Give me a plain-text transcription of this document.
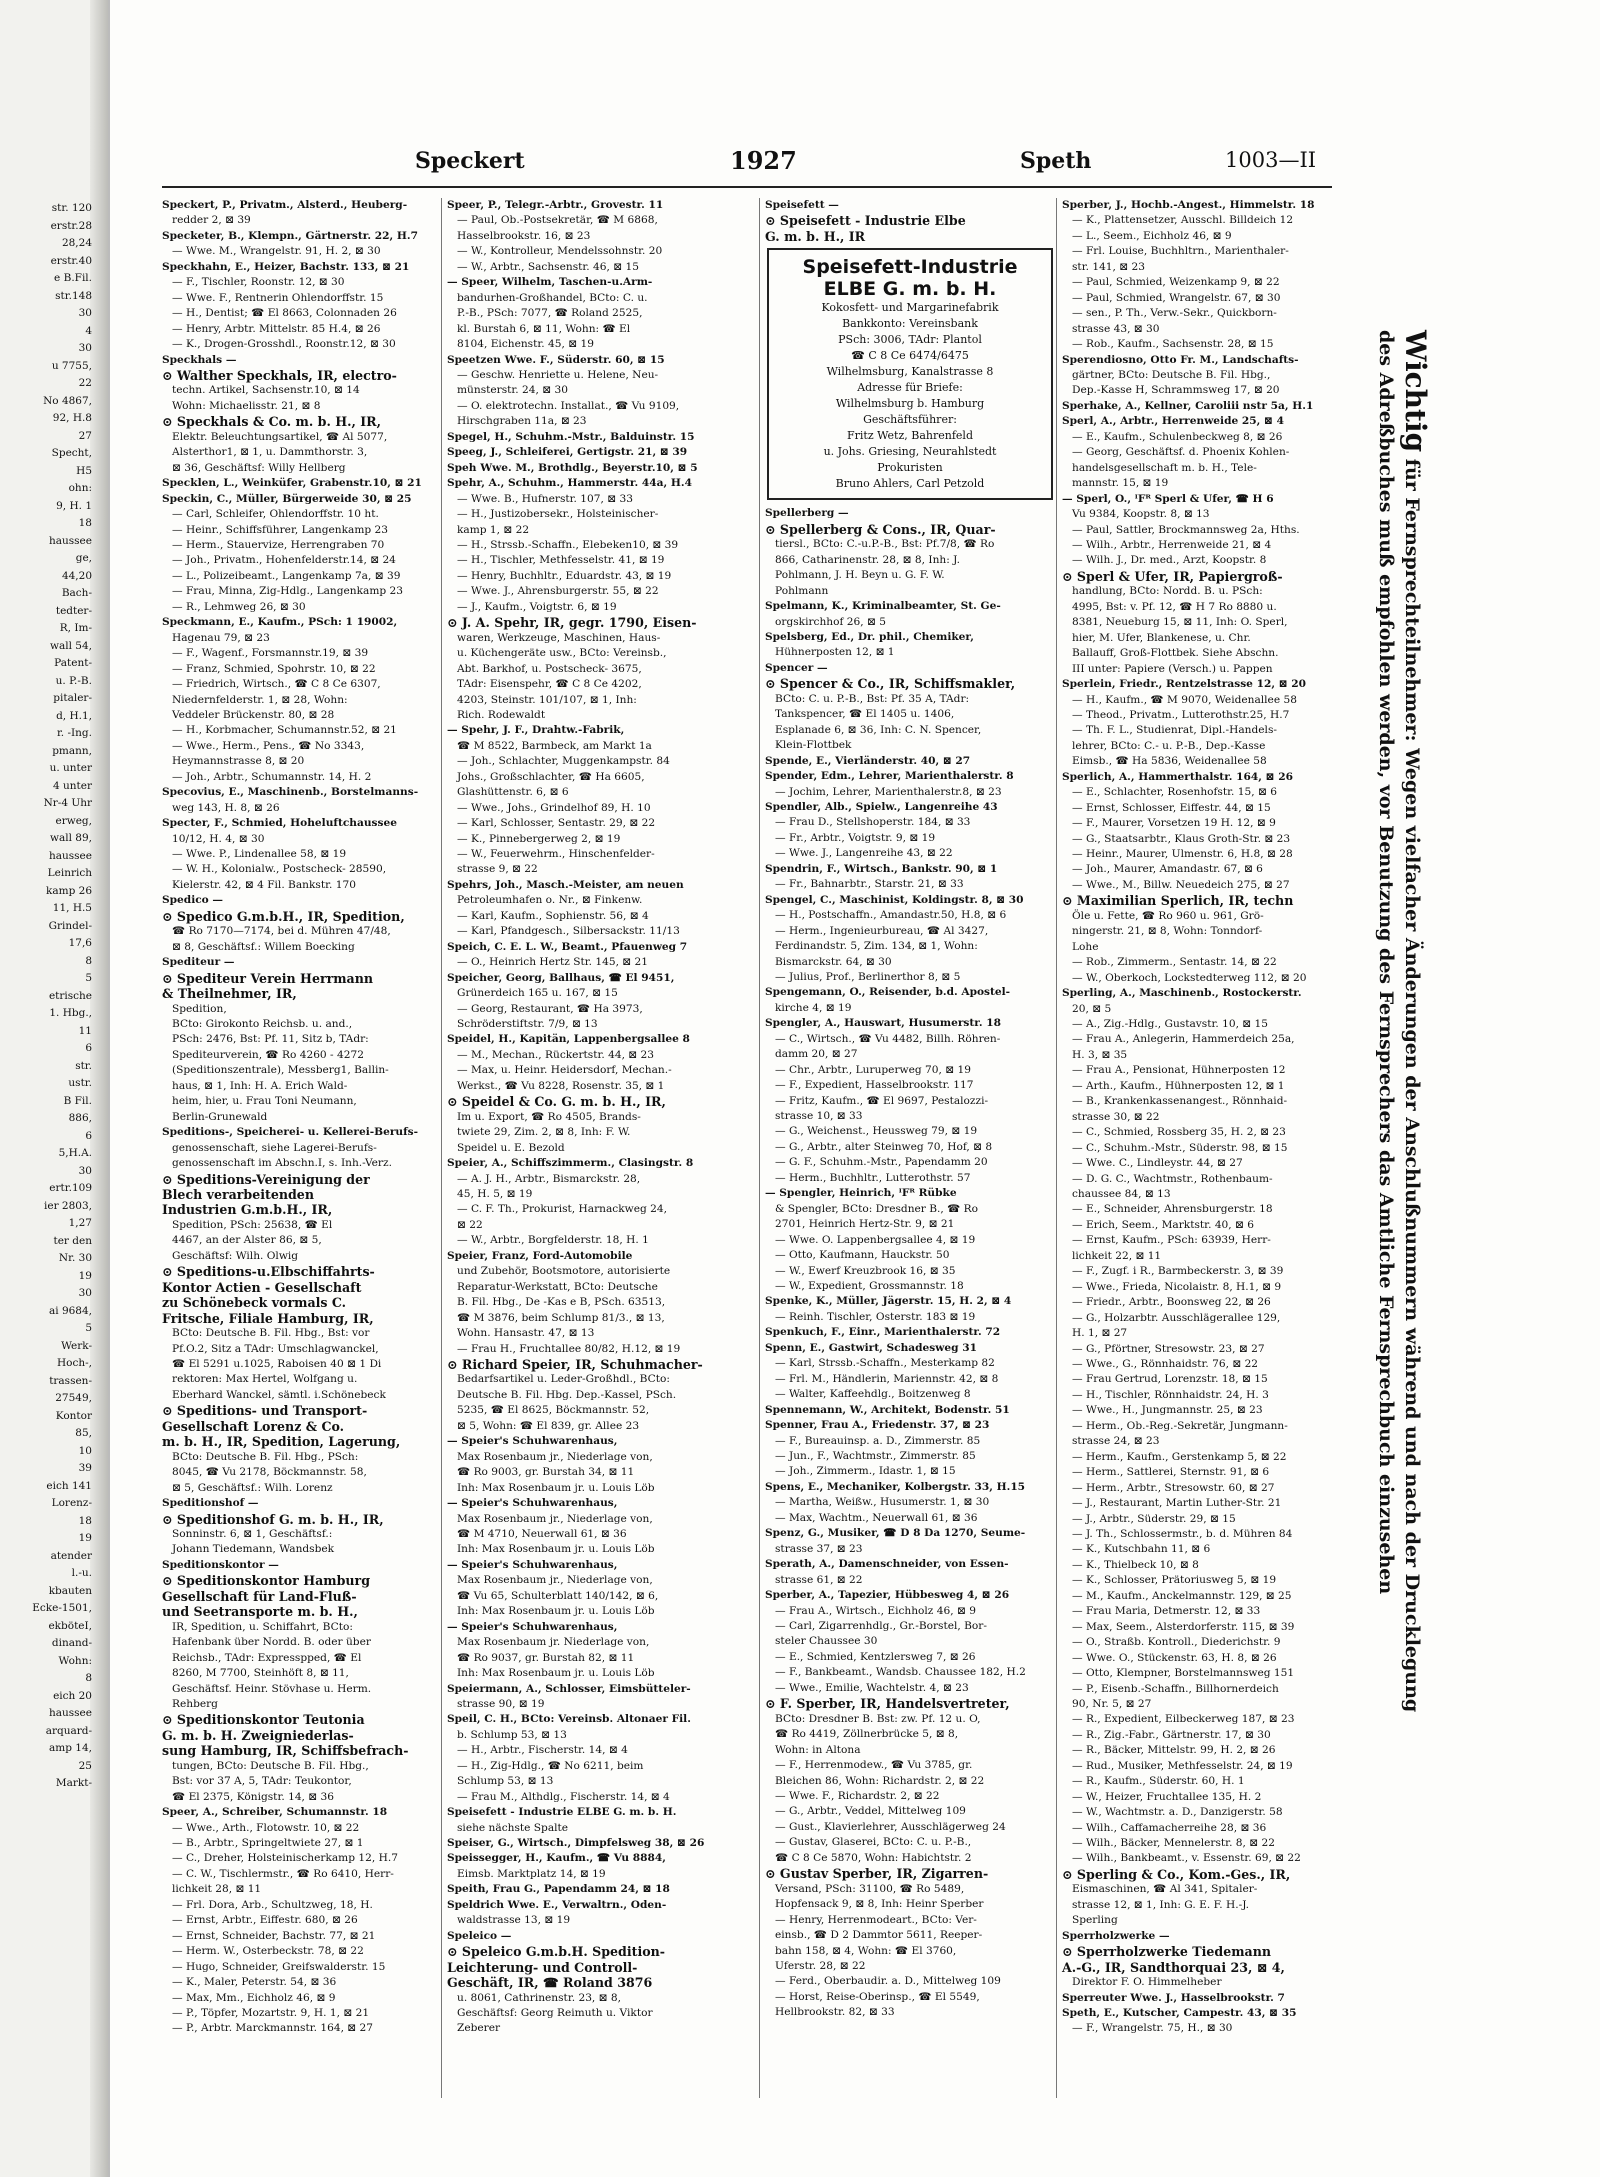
str. 120
erstr.28
28,24
erstr.40
e B.Fil.
str.148
30
4
30
u 7755,
22
No 4867,
92, H.8
27
Specht,
H5
ohn:
9, H. 1
18
haussee
ge,
44,20
Bach-
tedter-
R, Im-
wall 54,
Patent-
u. P.-B.
pitaler-
d, H.1,
r. -Ing.
pmann,
u. unter
4 unter
Nr-4 Uhr
erweg,
wall 89,
haussee
Leinrich
kamp 26
11, H.5
Grindel-
17,6
8
5
etrische
1. Hbg.,
11
6
str.
ustr.
B Fil.
886,
6
5,H.A.
30
ertr.109
ier 2803,
1,27
ter den
Nr. 30
19
30
ai 9684,
5
Werk-
Hoch-,
trassen-
27549,
Kontor
85,
10
39
eich 141
Lorenz-
18
19
atender
l.-u.
kbauten
Ecke-1501,
ekböteI,
dinand-
Wohn:
8
eich 20
haussee
arquard-
amp 14,
25
Markt-
Speckert	1927	Speth	1003—II
Speckert, P., Privatm., Alsterd., Heuberg-
redder 2, ⊠ 39
Specketer, B., Klempn., Gärtnerstr. 22, H.7
— Wwe. M., Wrangelstr. 91, H. 2, ⊠ 30
Speckhahn, E., Heizer, Bachstr. 133, ⊠ 21
— F., Tischler, Roonstr. 12, ⊠ 30
— Wwe. F., Rentnerin Ohlendorffstr. 15
— H., Dentist; ☎ El 8663, Colonnaden 26
— Henry, Arbtr. Mittelstr. 85 H.4, ⊠ 26
— K., Drogen-Grosshdl., Roonstr.12, ⊠ 30
Speckhals —
⊙ Walther Speckhals, IR, electro-
techn. Artikel, Sachsenstr.10, ⊠ 14
Wohn: Michaelisstr. 21, ⊠ 8
⊙ Speckhals & Co. m. b. H., IR,
Elektr. Beleuchtungsartikel, ☎ Al 5077,
Alsterthor1, ⊠ 1, u. Dammthorstr. 3,
⊠ 36, Geschäftsf: Willy Hellberg
Specklen, L., Weinküfer, Grabenstr.10, ⊠ 21
Speckin, C., Müller, Bürgerweide 30, ⊠ 25
— Carl, Schleifer, Ohlendorffstr. 10 ht.
— Heinr., Schiffsführer, Langenkamp 23
— Herm., Stauervize, Herrengraben 70
— Joh., Privatm., Hohenfelderstr.14, ⊠ 24
— L., Polizeibeamt., Langenkamp 7a, ⊠ 39
— Frau, Minna, Zig-Hdlg., Langenkamp 23
— R., Lehmweg 26, ⊠ 30
Speckmann, E., Kaufm., PSch: 1 19002,
Hagenau 79, ⊠ 23
— F., Wagenf., Forsmannstr.19, ⊠ 39
— Franz, Schmied, Spohrstr. 10, ⊠ 22
— Friedrich, Wirtsch., ☎ C 8 Ce 6307,
Niedernfelderstr. 1, ⊠ 28, Wohn:
Veddeler Brückenstr. 80, ⊠ 28
— H., Korbmacher, Schumannstr.52, ⊠ 21
— Wwe., Herm., Pens., ☎ No 3343,
Heymannstrasse 8, ⊠ 20
— Joh., Arbtr., Schumannstr. 14, H. 2
Specovius, E., Maschinenb., Borstelmanns-
weg 143, H. 8, ⊠ 26
Specter, F., Schmied, Hoheluftchaussee
10/12, H. 4, ⊠ 30
— Wwe. P., Lindenallee 58, ⊠ 19
— W. H., Kolonialw., Postscheck- 28590,
Kielerstr. 42, ⊠ 4 Fil. Bankstr. 170
Spedico —
⊙ Spedico G.m.b.H., IR, Spedition,
☎ Ro 7170—7174, bei d. Mühren 47/48,
⊠ 8, Geschäftsf.: Willem Boecking
Spediteur —
⊙ Spediteur Verein Herrmann
& Theilnehmer, IR,
Spedition,
BCto: Girokonto Reichsb. u. and.,
PSch: 2476, Bst: Pf. 11, Sitz b, TAdr:
Spediteurverein, ☎ Ro 4260 - 4272
(Speditionszentrale), Messberg1, Ballin-
haus, ⊠ 1, Inh: H. A. Erich Wald-
heim, hier, u. Frau Toni Neumann,
Berlin-Grunewald
Speditions-, Speicherei- u. Kellerei-Berufs-
genossenschaft, siehe Lagerei-Berufs-
genossenschaft im Abschn.I, s. Inh.-Verz.
⊙ Speditions-Vereinigung der
Blech verarbeitenden
Industrien G.m.b.H., IR,
Spedition, PSch: 25638, ☎ El
4467, an der Alster 86, ⊠ 5,
Geschäftsf: Wilh. Olwig
⊙ Speditions-u.Elbschiffahrts-
Kontor Actien - Gesellschaft
zu Schönebeck vormals C.
Fritsche, Filiale Hamburg, IR,
BCto: Deutsche B. Fil. Hbg., Bst: vor
Pf.O.2, Sitz a TAdr: Umschlagwanckel,
☎ El 5291 u.1025, Raboisen 40 ⊠ 1 Di
rektoren: Max Hertel, Wolfgang u.
Eberhard Wanckel, sämtl. i.Schönebeck
⊙ Speditions- und Transport-
Gesellschaft Lorenz & Co.
m. b. H., IR, Spedition, Lagerung,
BCto: Deutsche B. Fil. Hbg., PSch:
8045, ☎ Vu 2178, Böckmannstr. 58,
⊠ 5, Geschäftsf.: Wilh. Lorenz
Speditionshof —
⊙ Speditionshof G. m. b. H., IR,
Sonninstr. 6, ⊠ 1, Geschäftsf.:
Johann Tiedemann, Wandsbek
Speditionskontor —
⊙ Speditionskontor Hamburg
Gesellschaft für Land-Fluß-
und Seetransporte m. b. H.,
IR, Spedition, u. Schiffahrt, BCto:
Hafenbank über Nordd. B. oder über
Reichsb., TAdr: Expresspped, ☎ El
8260, M 7700, Steinhöft 8, ⊠ 11,
Geschäftsf. Heinr. Stövhase u. Herm.
Rehberg
⊙ Speditionskontor Teutonia
G. m. b. H. Zweigniederlas-
sung Hamburg, IR, Schiffsbefrach-
tungen, BCto: Deutsche B. Fil. Hbg.,
Bst: vor 37 A, 5, TAdr: Teukontor,
☎ El 2375, Königstr. 14, ⊠ 36
Speer, A., Schreiber, Schumannstr. 18
— Wwe., Arth., Flotowstr. 10, ⊠ 22
— B., Arbtr., Springeltwiete 27, ⊠ 1
— C., Dreher, Holsteinischerkamp 12, H.7
— C. W., Tischlermstr., ☎ Ro 6410, Herr-
lichkeit 28, ⊠ 11
— Frl. Dora, Arb., Schultzweg, 18, H.
— Ernst, Arbtr., Eiffestr. 680, ⊠ 26
— Ernst, Schneider, Bachstr. 77, ⊠ 21
— Herm. W., Osterbeckstr. 78, ⊠ 22
— Hugo, Schneider, Greifswalderstr. 15
— K., Maler, Peterstr. 54, ⊠ 36
— Max, Mm., Eichholz 46, ⊠ 9
— P., Töpfer, Mozartstr. 9, H. 1, ⊠ 21
— P., Arbtr. Marckmannstr. 164, ⊠ 27
Speer, P., Telegr.-Arbtr., Grovestr. 11
— Paul, Ob.-Postsekretär, ☎ M 6868,
Hasselbrookstr. 16, ⊠ 23
— W., Kontrolleur, Mendelssohnstr. 20
— W., Arbtr., Sachsenstr. 46, ⊠ 15
— Speer, Wilhelm, Taschen-u.Arm-
bandurhen-Großhandel, BCto: C. u.
P.-B., PSch: 7077, ☎ Roland 2525,
kl. Burstah 6, ⊠ 11, Wohn: ☎ El
8104, Eichenstr. 45, ⊠ 19
Speetzen Wwe. F., Süderstr. 60, ⊠ 15
— Geschw. Henriette u. Helene, Neu-
münsterstr. 24, ⊠ 30
— O. elektrotechn. Installat., ☎ Vu 9109,
Hirschgraben 11a, ⊠ 23
Spegel, H., Schuhm.-Mstr., Balduinstr. 15
Speeg, J., Schleiferei, Gertigstr. 21, ⊠ 39
Speh Wwe. M., Brothdlg., Beyerstr.10, ⊠ 5
Spehr, A., Schuhm., Hammerstr. 44a, H.4
— Wwe. B., Hufnerstr. 107, ⊠ 33
— H., Justizobersekr., Holsteinischer-
kamp 1, ⊠ 22
— H., Strssb.-Schaffn., Elebeken10, ⊠ 39
— H., Tischler, Methfesselstr. 41, ⊠ 19
— Henry, Buchhltr., Eduardstr. 43, ⊠ 19
— Wwe. J., Ahrensburgerstr. 55, ⊠ 22
— J., Kaufm., Voigtstr. 6, ⊠ 19
⊙ J. A. Spehr, IR, gegr. 1790, Eisen-
waren, Werkzeuge, Maschinen, Haus-
u. Küchengeräte usw., BCto: Vereinsb.,
Abt. Barkhof, u. Postscheck- 3675,
TAdr: Eisenspehr, ☎ C 8 Ce 4202,
4203, Steinstr. 101/107, ⊠ 1, Inh:
Rich. Rodewaldt
— Spehr, J. F., Drahtw.-Fabrik,
☎ M 8522, Barmbeck, am Markt 1a
— Joh., Schlachter, Muggenkampstr. 84
Johs., Großschlachter, ☎ Ha 6605,
Glashüttenstr. 6, ⊠ 6
— Wwe., Johs., Grindelhof 89, H. 10
— Karl, Schlosser, Sentastr. 29, ⊠ 22
— K., Pinnebergerweg 2, ⊠ 19
— W., Feuerwehrm., Hinschenfelder-
strasse 9, ⊠ 22
Spehrs, Joh., Masch.-Meister, am neuen
Petroleumhafen o. Nr., ⊠ Finkenw.
— Karl, Kaufm., Sophienstr. 56, ⊠ 4
— Karl, Pfandgesch., Silbersackstr. 11/13
Speich, C. E. L. W., Beamt., Pfauenweg 7
— O., Heinrich Hertz Str. 145, ⊠ 21
Speicher, Georg, Ballhaus, ☎ El 9451,
Grünerdeich 165 u. 167, ⊠ 15
— Georg, Restaurant, ☎ Ha 3973,
Schröderstiftstr. 7/9, ⊠ 13
Speidel, H., Kapitän, Lappenbergsallee 8
— M., Mechan., Rückertstr. 44, ⊠ 23
— Max, u. Heinr. Heidersdorf, Mechan.-
Werkst., ☎ Vu 8228, Rosenstr. 35, ⊠ 1
⊙ Speidel & Co. G. m. b. H., IR,
Im u. Export, ☎ Ro 4505, Brands-
twiete 29, Zim. 2, ⊠ 8, Inh: F. W.
Speidel u. E. Bezold
Speier, A., Schiffszimmerm., Clasingstr. 8
— A. J. H., Arbtr., Bismarckstr. 28,
45, H. 5, ⊠ 19
— C. F. Th., Prokurist, Harnackweg 24,
⊠ 22
— W., Arbtr., Borgfelderstr. 18, H. 1
Speier, Franz, Ford-Automobile
und Zubehör, Bootsmotore, autorisierte
Reparatur-Werkstatt, BCto: Deutsche
B. Fil. Hbg., De -Kas e B, PSch. 63513,
☎ M 3876, beim Schlump 81/3., ⊠ 13,
Wohn. Hansastr. 47, ⊠ 13
— Frau H., Fruchtallee 80/82, H.12, ⊠ 19
⊙ Richard Speier, IR, Schuhmacher-
Bedarfsartikel u. Leder-Großhdl., BCto:
Deutsche B. Fil. Hbg. Dep.-Kassel, PSch.
5235, ☎ El 8625, Böckmannstr. 52,
⊠ 5, Wohn: ☎ El 839, gr. Allee 23
— Speier's Schuhwarenhaus,
Max Rosenbaum jr., Niederlage von,
☎ Ro 9003, gr. Burstah 34, ⊠ 11
Inh: Max Rosenbaum jr. u. Louis Löb
— Speier's Schuhwarenhaus,
Max Rosenbaum jr., Niederlage von,
☎ M 4710, Neuerwall 61, ⊠ 36
Inh: Max Rosenbaum jr. u. Louis Löb
— Speier's Schuhwarenhaus,
Max Rosenbaum jr., Niederlage von,
☎ Vu 65, Schulterblatt 140/142, ⊠ 6,
Inh: Max Rosenbaum jr. u. Louis Löb
— Speier's Schuhwarenhaus,
Max Rosenbaum jr. Niederlage von,
☎ Ro 9037, gr. Burstah 82, ⊠ 11
Inh: Max Rosenbaum jr. u. Louis Löb
Speiermann, A., Schlosser, Eimsbütteler-
strasse 90, ⊠ 19
Speil, C. H., BCto: Vereinsb. Altonaer Fil.
b. Schlump 53, ⊠ 13
— H., Arbtr., Fischerstr. 14, ⊠ 4
— H., Zig-Hdlg., ☎ No 6211, beim
Schlump 53, ⊠ 13
— Frau M., Althdlg., Fischerstr. 14, ⊠ 4
Speisefett - Industrie ELBE G. m. b. H.
siehe nächste Spalte
Speiser, G., Wirtsch., Dimpfelsweg 38, ⊠ 26
Speissegger, H., Kaufm., ☎ Vu 8884,
Eimsb. Marktplatz 14, ⊠ 19
Speith, Frau G., Papendamm 24, ⊠ 18
Speldrich Wwe. E., Verwaltrn., Oden-
waldstrasse 13, ⊠ 19
Speleico —
⊙ Speleico G.m.b.H. Spedition-
Leichterung- und Controll-
Geschäft, IR, ☎ Roland 3876
u. 8061, Cathrinenstr. 23, ⊠ 8,
Geschäftsf: Georg Reimuth u. Viktor
Zeberer
Speisefett —
⊙ Speisefett - Industrie Elbe
G. m. b. H., IR
Speisefett-Industrie
ELBE G. m. b. H.
Kokosfett- und Margarinefabrik
Bankkonto: Vereinsbank
PSch: 3006, TAdr: Plantol
☎ C 8 Ce 6474/6475
Wilhelmsburg, Kanalstrasse 8
Adresse für Briefe:
Wilhelmsburg b. Hamburg
Geschäftsführer:
Fritz Wetz, Bahrenfeld
u. Johs. Griesing, Neurahlstedt
Prokuristen
Bruno Ahlers, Carl Petzold
Spellerberg —
⊙ Spellerberg & Cons., IR, Quar-
tiersl., BCto: C.-u.P.-B., Bst: Pf.7/8, ☎ Ro
866, Catharinenstr. 28, ⊠ 8, Inh: J.
Pohlmann, J. H. Beyn u. G. F. W.
Pohlmann
Spelmann, K., Kriminalbeamter, St. Ge-
orgskirchhof 26, ⊠ 5
Spelsberg, Ed., Dr. phil., Chemiker,
Hühnerposten 12, ⊠ 1
Spencer —
⊙ Spencer & Co., IR, Schiffsmakler,
BCto: C. u. P.-B., Bst: Pf. 35 A, TAdr:
Tankspencer, ☎ El 1405 u. 1406,
Esplanade 6, ⊠ 36, Inh: C. N. Spencer,
Klein-Flottbek
Spende, E., Vierländerstr. 40, ⊠ 27
Spender, Edm., Lehrer, Marienthalerstr. 8
— Jochim, Lehrer, Marienthalerstr.8, ⊠ 23
Spendler, Alb., Spielw., Langenreihe 43
— Frau D., Stellshoperstr. 184, ⊠ 33
— Fr., Arbtr., Voigtstr. 9, ⊠ 19
— Wwe. J., Langenreihe 43, ⊠ 22
Spendrin, F., Wirtsch., Bankstr. 90, ⊠ 1
— Fr., Bahnarbtr., Starstr. 21, ⊠ 33
Spengel, C., Maschinist, Koldingstr. 8, ⊠ 30
— H., Postschaffn., Amandastr.50, H.8, ⊠ 6
— Herm., Ingenieurbureau, ☎ Al 3427,
Ferdinandstr. 5, Zim. 134, ⊠ 1, Wohn:
Bismarckstr. 64, ⊠ 30
— Julius, Prof., Berlinerthor 8, ⊠ 5
Spengemann, O., Reisender, b.d. Apostel-
kirche 4, ⊠ 19
Spengler, A., Hauswart, Husumerstr. 18
— C., Wirtsch., ☎ Vu 4482, Billh. Röhren-
damm 20, ⊠ 27
— Chr., Arbtr., Luruperweg 70, ⊠ 19
— F., Expedient, Hasselbrookstr. 117
— Fritz, Kaufm., ☎ El 9697, Pestalozzi-
strasse 10, ⊠ 33
— G., Weichenst., Heussweg 79, ⊠ 19
— G., Arbtr., alter Steinweg 70, Hof, ⊠ 8
— G. F., Schuhm.-Mstr., Papendamm 20
— Herm., Buchhltr., Lutterothstr. 57
— Spengler, Heinrich, ᴵFᴿ Rübke
& Spengler, BCto: Dresdner B., ☎ Ro
2701, Heinrich Hertz-Str. 9, ⊠ 21
— Wwe. O. Lappenbergsallee 4, ⊠ 19
— Otto, Kaufmann, Hauckstr. 50
— W., Ewerf Kreuzbrook 16, ⊠ 35
— W., Expedient, Grossmannstr. 18
Spenke, K., Müller, Jägerstr. 15, H. 2, ⊠ 4
— Reinh. Tischler, Osterstr. 183 ⊠ 19
Spenkuch, F., Einr., Marienthalerstr. 72
Spenn, E., Gastwirt, Schadesweg 31
— Karl, Strssb.-Schaffn., Mesterkamp 82
— Frl. M., Händlerin, Mariennstr. 42, ⊠ 8
— Walter, Kaffeehdlg., Boitzenweg 8
Spennemann, W., Architekt, Bodenstr. 51
Spenner, Frau A., Friedenstr. 37, ⊠ 23
— F., Bureauinsp. a. D., Zimmerstr. 85
— Jun., F., Wachtmstr., Zimmerstr. 85
— Joh., Zimmerm., Idastr. 1, ⊠ 15
Spens, E., Mechaniker, Kolbergstr. 33, H.15
— Martha, Weißw., Husumerstr. 1, ⊠ 30
— Max, Wachtm., Neuerwall 61, ⊠ 36
Spenz, G., Musiker, ☎ D 8 Da 1270, Seume-
strasse 37, ⊠ 23
Sperath, A., Damenschneider, von Essen-
strasse 61, ⊠ 22
Sperber, A., Tapezier, Hübbesweg 4, ⊠ 26
— Frau A., Wirtsch., Eichholz 46, ⊠ 9
— Carl, Zigarrenhdlg., Gr.-Borstel, Bor-
steler Chaussee 30
— E., Schmied, Kentzlersweg 7, ⊠ 26
— F., Bankbeamt., Wandsb. Chaussee 182, H.2
— Wwe., Emilie, Wachtelstr. 4, ⊠ 23
⊙ F. Sperber, IR, Handelsvertreter,
BCto: Dresdner B. Bst: zw. Pf. 12 u. O,
☎ Ro 4419, Zöllnerbrücke 5, ⊠ 8,
Wohn: in Altona
— F., Herrenmodew., ☎ Vu 3785, gr.
Bleichen 86, Wohn: Richardstr. 2, ⊠ 22
— Wwe. F., Richardstr. 2, ⊠ 22
— G., Arbtr., Veddel, Mittelweg 109
— Gust., Klavierlehrer, Ausschlägerweg 24
— Gustav, Glaserei, BCto: C. u. P.-B.,
☎ C 8 Ce 5870, Wohn: Habichtstr. 2
⊙ Gustav Sperber, IR, Zigarren-
Versand, PSch: 31100, ☎ Ro 5489,
Hopfensack 9, ⊠ 8, Inh: Heinr Sperber
— Henry, Herrenmodeart., BCto: Ver-
einsb., ☎ D 2 Dammtor 5611, Reeper-
bahn 158, ⊠ 4, Wohn: ☎ El 3760,
Uferstr. 28, ⊠ 22
— Ferd., Oberbaudir. a. D., Mittelweg 109
— Horst, Reise-Oberinsp., ☎ El 5549,
Hellbrookstr. 82, ⊠ 33
Sperber, J., Hochb.-Angest., Himmelstr. 18
— K., Plattensetzer, Ausschl. Billdeich 12
— L., Seem., Eichholz 46, ⊠ 9
— Frl. Louise, Buchhltrn., Marienthaler-
str. 141, ⊠ 23
— Paul, Schmied, Weizenkamp 9, ⊠ 22
— Paul, Schmied, Wrangelstr. 67, ⊠ 30
— sen., P. Th., Verw.-Sekr., Quickborn-
strasse 43, ⊠ 30
— Rob., Kaufm., Sachsenstr. 28, ⊠ 15
Sperendiosno, Otto Fr. M., Landschafts-
gärtner, BCto: Deutsche B. Fil. Hbg.,
Dep.-Kasse H, Schrammsweg 17, ⊠ 20
Sperhake, A., Kellner, Caroliii nstr 5a, H.1
Sperl, A., Arbtr., Herrenweide 25, ⊠ 4
— E., Kaufm., Schulenbeckweg 8, ⊠ 26
— Georg, Geschäftsf. d. Phoenix Kohlen-
handelsgesellschaft m. b. H., Tele-
mannstr. 15, ⊠ 19
— Sperl, O., ᴵFᴿ Sperl & Ufer, ☎ H 6
Vu 9384, Koopstr. 8, ⊠ 13
— Paul, Sattler, Brockmannsweg 2a, Hths.
— Wilh., Arbtr., Herrenweide 21, ⊠ 4
— Wilh. J., Dr. med., Arzt, Koopstr. 8
⊙ Sperl & Ufer, IR, Papiergroß-
handlung, BCto: Nordd. B. u. PSch:
4995, Bst: v. Pf. 12, ☎ H 7 Ro 8880 u.
8381, Neueburg 15, ⊠ 11, Inh: O. Sperl,
hier, M. Ufer, Blankenese, u. Chr.
Ballauff, Groß-Flottbek. Siehe Abschn.
III unter: Papiere (Versch.) u. Pappen
Sperlein, Friedr., Rentzelstrasse 12, ⊠ 20
— H., Kaufm., ☎ M 9070, Weidenallee 58
— Theod., Privatm., Lutterothstr.25, H.7
— Th. F. L., Studienrat, Dipl.-Handels-
lehrer, BCto: C.- u. P.-B., Dep.-Kasse
Eimsb., ☎ Ha 5836, Weidenallee 58
Sperlich, A., Hammerthalstr. 164, ⊠ 26
— E., Schlachter, Rosenhofstr. 15, ⊠ 6
— Ernst, Schlosser, Eiffestr. 44, ⊠ 15
— F., Maurer, Vorsetzen 19 H. 12, ⊠ 9
— G., Staatsarbtr., Klaus Groth-Str. ⊠ 23
— Heinr., Maurer, Ulmenstr. 6, H.8, ⊠ 28
— Joh., Maurer, Amandastr. 67, ⊠ 6
— Wwe., M., Billw. Neuedeich 275, ⊠ 27
⊙ Maximilian Sperlich, IR, techn
Öle u. Fette, ☎ Ro 960 u. 961, Grö-
ningerstr. 21, ⊠ 8, Wohn: Tonndorf-
Lohe
— Rob., Zimmerm., Sentastr. 14, ⊠ 22
— W., Oberkoch, Lockstedterweg 112, ⊠ 20
Sperling, A., Maschinenb., Rostockerstr.
20, ⊠ 5
— A., Zig.-Hdlg., Gustavstr. 10, ⊠ 15
— Frau A., Anlegerin, Hammerdeich 25a,
H. 3, ⊠ 35
— Frau A., Pensionat, Hühnerposten 12
— Arth., Kaufm., Hühnerposten 12, ⊠ 1
— B., Krankenkassenangest., Rönnhaid-
strasse 30, ⊠ 22
— C., Schmied, Rossberg 35, H. 2, ⊠ 23
— C., Schuhm.-Mstr., Süderstr. 98, ⊠ 15
— Wwe. C., Lindleystr. 44, ⊠ 27
— D. G. C., Wachtmstr., Rothenbaum-
chaussee 84, ⊠ 13
— E., Schneider, Ahrensburgerstr. 18
— Erich, Seem., Marktstr. 40, ⊠ 6
— Ernst, Kaufm., PSch: 63939, Herr-
lichkeit 22, ⊠ 11
— F., Zugf. i R., Barmbeckerstr. 3, ⊠ 39
— Wwe., Frieda, Nicolaistr. 8, H.1, ⊠ 9
— Friedr., Arbtr., Boonsweg 22, ⊠ 26
— G., Holzarbtr. Ausschlägerallee 129,
H. 1, ⊠ 27
— G., Pförtner, Stresowstr. 23, ⊠ 27
— Wwe., G., Rönnhaidstr. 76, ⊠ 22
— Frau Gertrud, Lorenzstr. 18, ⊠ 15
— H., Tischler, Rönnhaidstr. 24, H. 3
— Wwe., H., Jungmannstr. 25, ⊠ 23
— Herm., Ob.-Reg.-Sekretär, Jungmann-
strasse 24, ⊠ 23
— Herm., Kaufm., Gerstenkamp 5, ⊠ 22
— Herm., Sattlerei, Sternstr. 91, ⊠ 6
— Herm., Arbtr., Stresowstr. 60, ⊠ 27
— J., Restaurant, Martin Luther-Str. 21
— J., Arbtr., Süderstr. 29, ⊠ 15
— J. Th., Schlossermstr., b. d. Mühren 84
— K., Kutschbahn 11, ⊠ 6
— K., Thielbeck 10, ⊠ 8
— K., Schlosser, Prätoriusweg 5, ⊠ 19
— M., Kaufm., Anckelmannstr. 129, ⊠ 25
— Frau Maria, Detmerstr. 12, ⊠ 33
— Max, Seem., Alsterdorferstr. 115, ⊠ 39
— O., Straßb. Kontroll., Diederichstr. 9
— Wwe. O., Stückenstr. 63, H. 8, ⊠ 26
— Otto, Klempner, Borstelmannsweg 151
— P., Eisenb.-Schaffn., Billhornerdeich
90, Nr. 5, ⊠ 27
— R., Expedient, Eilbeckerweg 187, ⊠ 23
— R., Zig.-Fabr., Gärtnerstr. 17, ⊠ 30
— R., Bäcker, Mittelstr. 99, H. 2, ⊠ 26
— Rud., Musiker, Methfesselstr. 24, ⊠ 19
— R., Kaufm., Süderstr. 60, H. 1
— W., Heizer, Fruchtallee 135, H. 2
— W., Wachtmstr. a. D., Danzigerstr. 58
— Wilh., Caffamacherreihe 28, ⊠ 36
— Wilh., Bäcker, Mennelerstr. 8, ⊠ 22
— Wilh., Bankbeamt., v. Essenstr. 69, ⊠ 22
⊙ Sperling & Co., Kom.-Ges., IR,
Eismaschinen, ☎ Al 341, Spitaler-
strasse 12, ⊠ 1, Inh: G. E. F. H.-J.
Sperling
Sperrholzwerke —
⊙ Sperrholzwerke Tiedemann
A.-G., IR, Sandthorquai 23, ⊠ 4,
Direktor F. O. Himmelheber
Sperreuter Wwe. J., Hasselbrookstr. 7
Speth, E., Kutscher, Campestr. 43, ⊠ 35
— F., Wrangelstr. 75, H., ⊠ 30
Wichtig für Fernsprechteilnehmer: Wegen vielfacher Änderungen der Anschlußnummern während und nach der Drucklegung
des Adreßbuches muß empfohlen werden, vor Benutzung des Fernsprechers das Amtliche Fernsprechbuch einzusehen
